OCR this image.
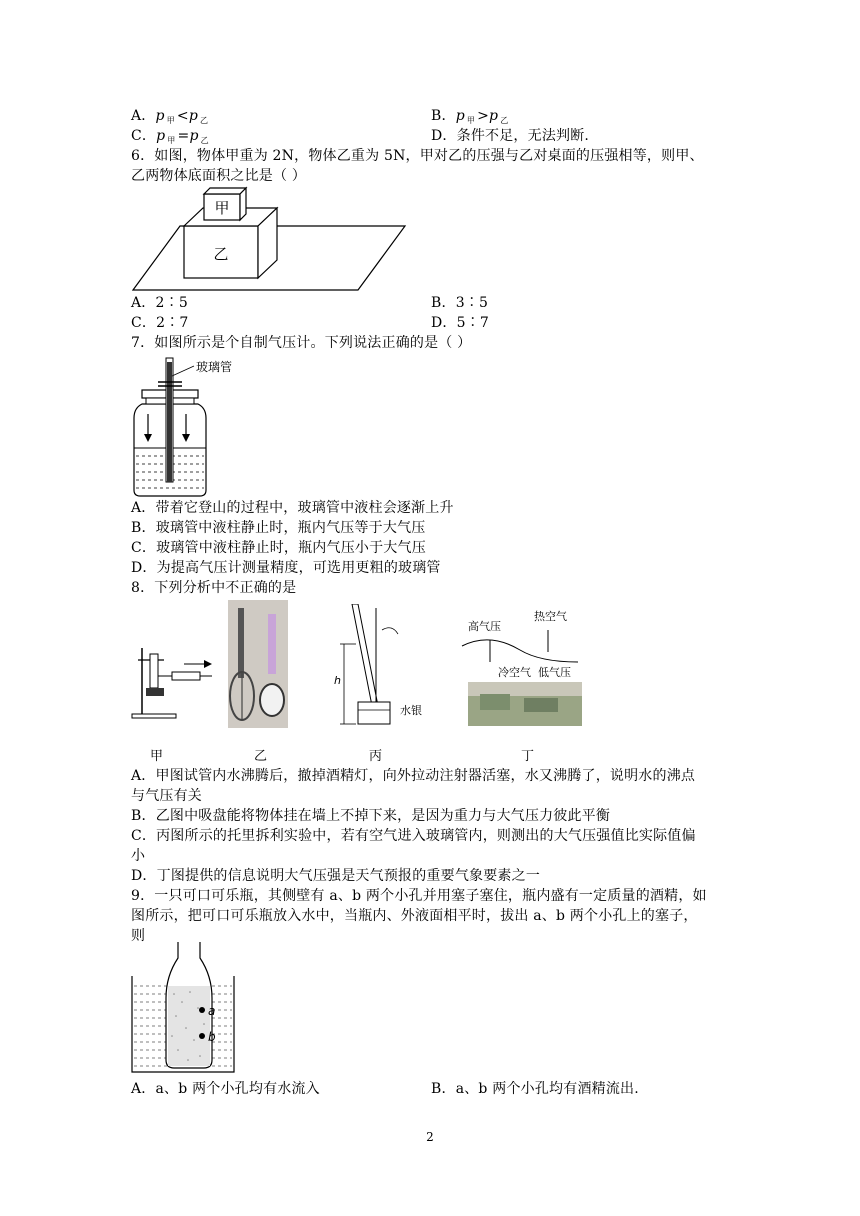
A．p $_甲$ <p $_乙$	B．p $_甲$ >p $_乙$
C．p $_甲$ =p $_乙$	D．条件不足，无法判断.
6．如图，物体甲重为 2N，物体乙重为 5N，甲对乙的压强与乙对桌面的压强相等，则甲、
乙两物体底面积之比是（ ）
甲
乙
A．2∶5	B．3∶5
C．2∶7	D．5∶7
7．如图所示是个自制气压计。下列说法正确的是（ ）
玻璃管
A．带着它登山的过程中，玻璃管中液柱会逐渐上升
B．玻璃管中液柱静止时，瓶内气压等于大气压
C．玻璃管中液柱静止时，瓶内气压小于大气压
D．为提高气压计测量精度，可选用更粗的玻璃管
8．下列分析中不正确的是
h
水银
高气压
热空气
冷空气 低气压
甲	乙	丙	丁
A．甲图试管内水沸腾后，撤掉酒精灯，向外拉动注射器活塞，水又沸腾了，说明水的沸点
与气压有关
B．乙图中吸盘能将物体挂在墙上不掉下来，是因为重力与大气压力彼此平衡
C．丙图所示的托里拆利实验中，若有空气进入玻璃管内，则测出的大气压强值比实际值偏
小
D．丁图提供的信息说明大气压强是天气预报的重要气象要素之一
9．一只可口可乐瓶，其侧壁有 a、b 两个小孔并用塞子塞住，瓶内盛有一定质量的酒精，如
图所示，把可口可乐瓶放入水中，当瓶内、外液面相平时，拔出 a、b 两个小孔上的塞子，
则
a
b
A．a、b 两个小孔均有水流入	B．a、b 两个小孔均有酒精流出.
2
